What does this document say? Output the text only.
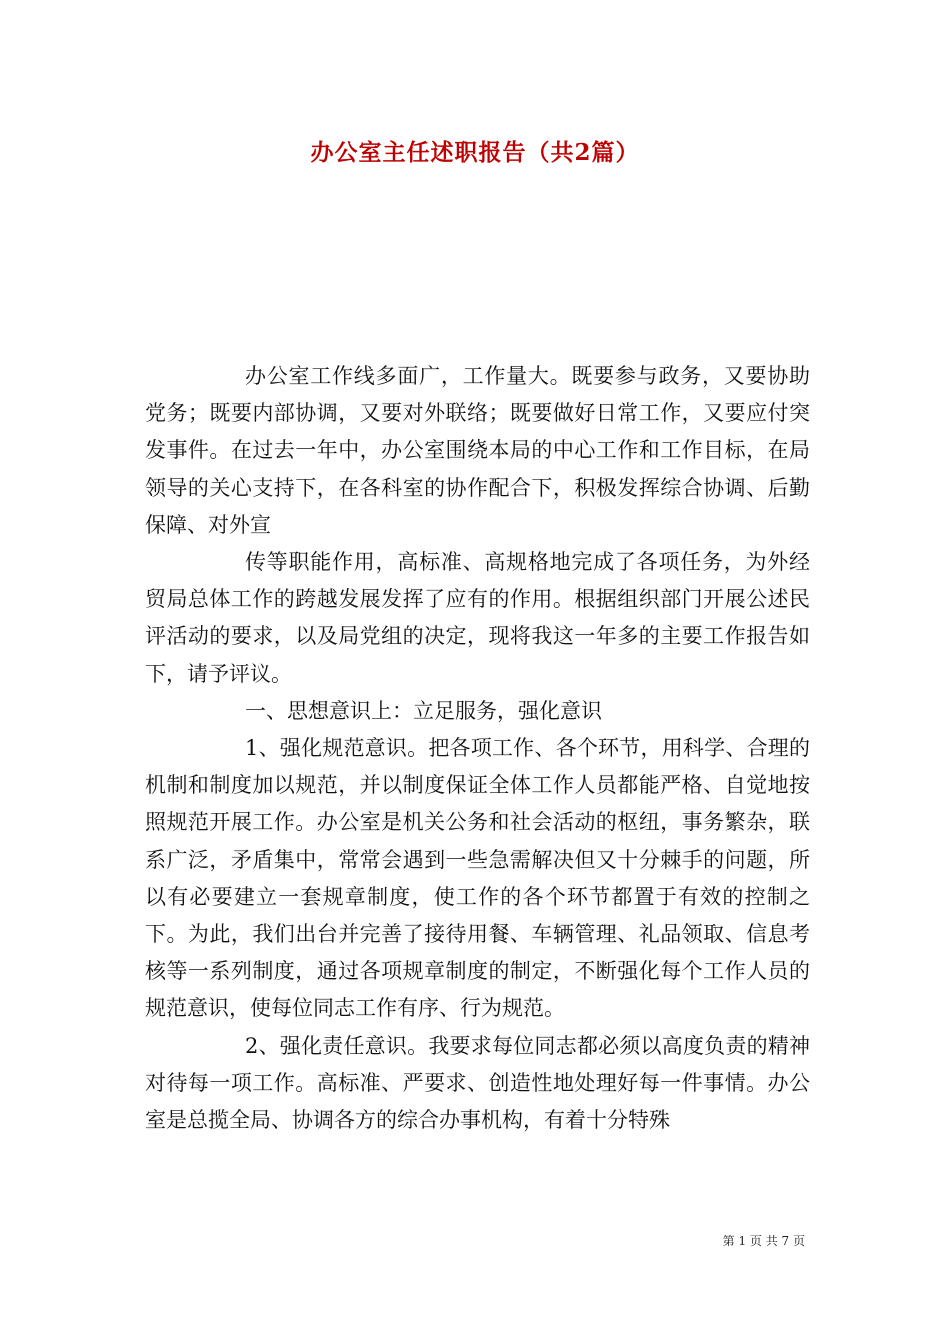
办公室主任述职报告（共2篇）

办公室工作线多面广，工作量大。既要参与政务，又要协助党务；既要内部协调，又要对外联络；既要做好日常工作，又要应付突发事件。在过去一年中，办公室围绕本局的中心工作和工作目标，在局领导的关心支持下，在各科室的协作配合下，积极发挥综合协调、后勤保障、对外宣

传等职能作用，高标准、高规格地完成了各项任务，为外经贸局总体工作的跨越发展发挥了应有的作用。根据组织部门开展公述民评活动的要求，以及局党组的决定，现将我这一年多的主要工作报告如下，请予评议。

一、思想意识上：立足服务，强化意识

1、强化规范意识。把各项工作、各个环节，用科学、合理的机制和制度加以规范，并以制度保证全体工作人员都能严格、自觉地按照规范开展工作。办公室是机关公务和社会活动的枢纽，事务繁杂，联系广泛，矛盾集中，常常会遇到一些急需解决但又十分棘手的问题，所以有必要建立一套规章制度，使工作的各个环节都置于有效的控制之下。为此，我们出台并完善了接待用餐、车辆管理、礼品领取、信息考核等一系列制度，通过各项规章制度的制定，不断强化每个工作人员的规范意识，使每位同志工作有序、行为规范。

2、强化责任意识。我要求每位同志都必须以高度负责的精神对待每一项工作。高标准、严要求、创造性地处理好每一件事情。办公室是总揽全局、协调各方的综合办事机构，有着十分特殊

第 1 页 共 7 页
